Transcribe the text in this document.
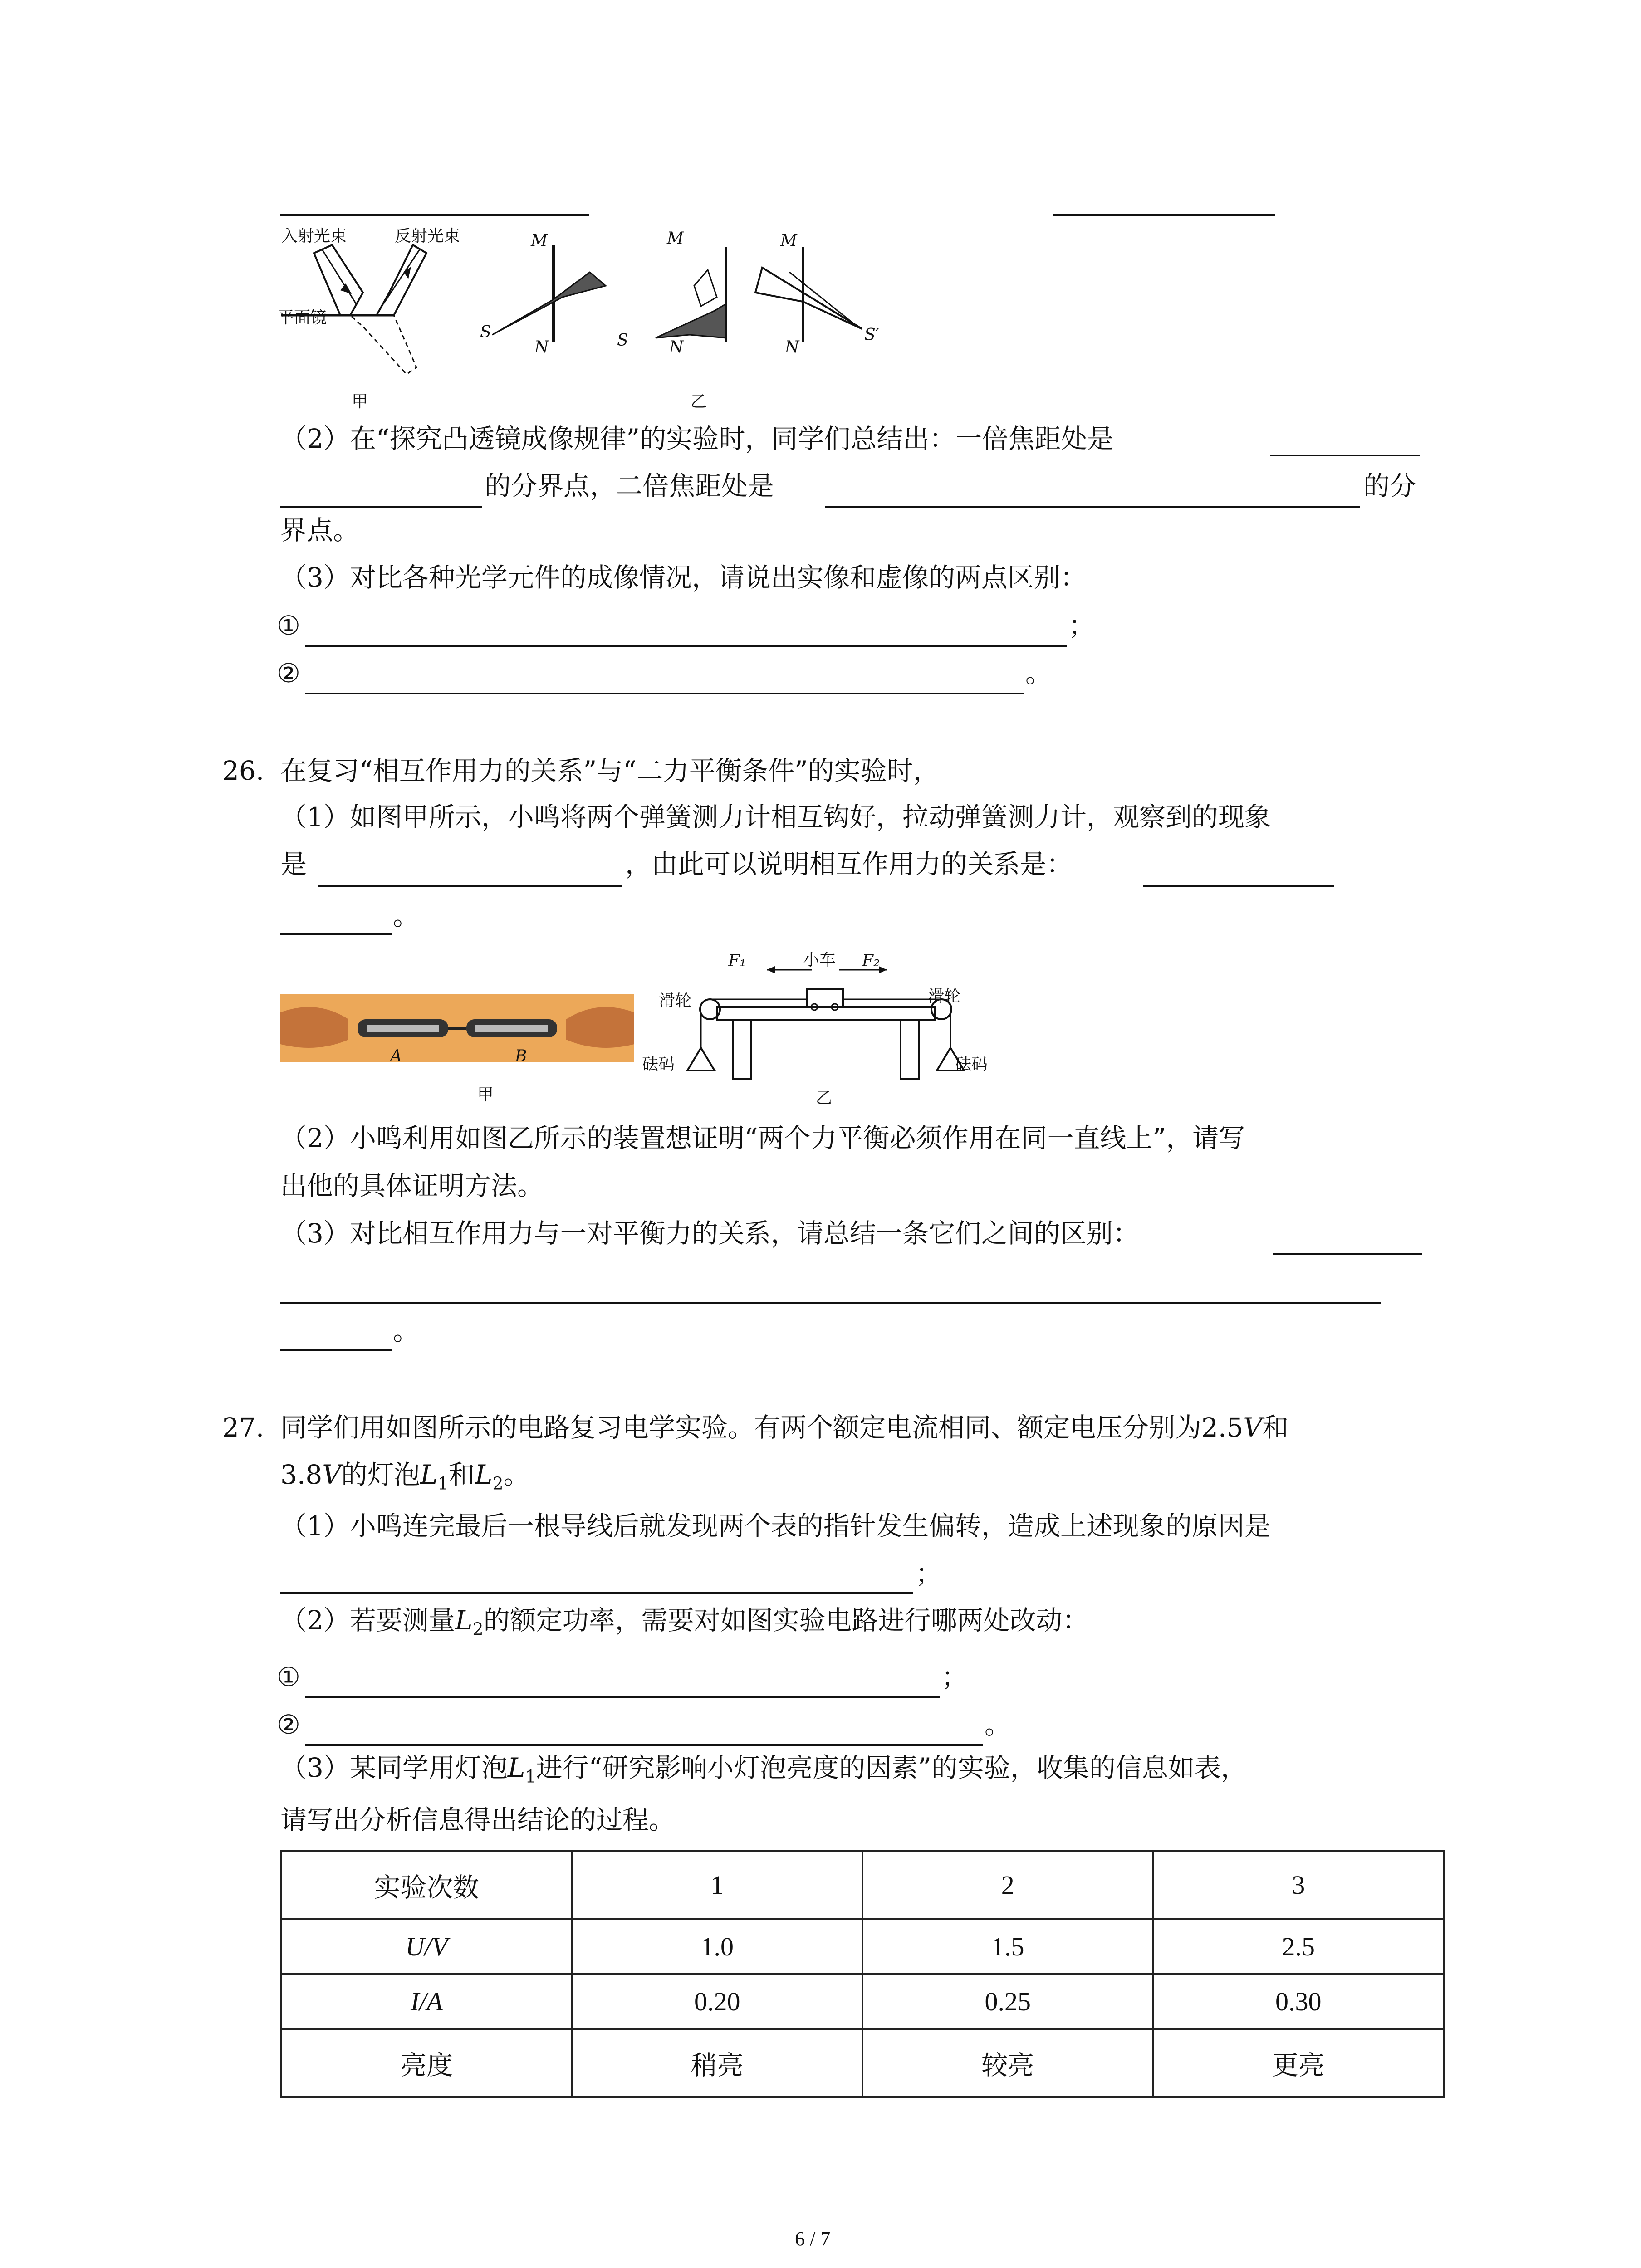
入射光束	反射光束
平面镜
M
N
S
M
N
S
M
N
S′
甲	乙
（2）在“探究凸透镜成像规律”的实验时，同学们总结出：一倍焦距处是
的分界点，二倍焦距处是	的分
界点。
（3）对比各种光学元件的成像情况，请说出实像和虚像的两点区别：
①	；
②	。
26. 在复习“相互作用力的关系”与“二力平衡条件”的实验时，
（1）如图甲所示，小鸣将两个弹簧测力计相互钩好，拉动弹簧测力计，观察到的现象
是	，由此可以说明相互作用力的关系是：
。
A	B
甲
F₁	小车 F₂
滑轮	滑轮
砝码	砝码
乙
（2）小鸣利用如图乙所示的装置想证明“两个力平衡必须作用在同一直线上”，请写
出他的具体证明方法。
（3）对比相互作用力与一对平衡力的关系，请总结一条它们之间的区别：
。
27. 同学们用如图所示的电路复习电学实验。有两个额定电流相同、额定电压分别为2.5V和
3.8V的灯泡$L_1$和$L_2$。
（1）小鸣连完最后一根导线后就发现两个表的指针发生偏转，造成上述现象的原因是
；
（2）若要测量$L_2$的额定功率，需要对如图实验电路进行哪两处改动：
①	；
②	。
（3）某同学用灯泡$L_1$进行“研究影响小灯泡亮度的因素”的实验，收集的信息如表，
请写出分析信息得出结论的过程。
实验次数	1	2	3
U/V	1.0	1.5	2.5
I/A	0.20	0.25	0.30
亮度	稍亮	较亮	更亮
6 / 7
